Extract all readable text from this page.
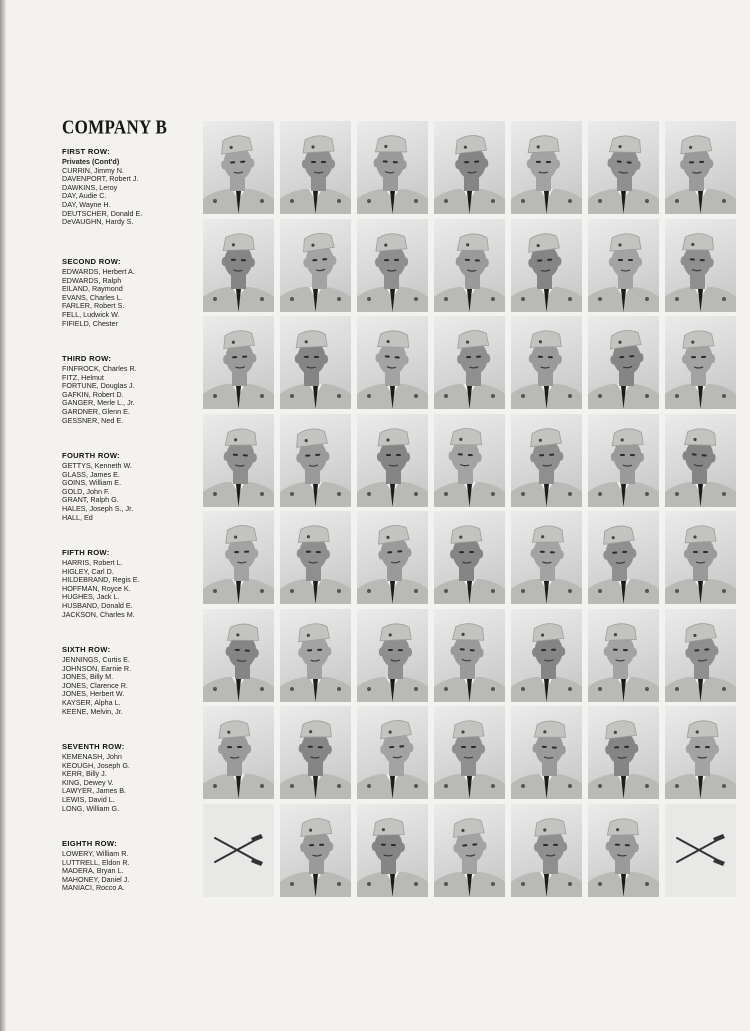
COMPANY B
FIRST ROW:
Privates (Cont'd)
CURRIN, Jimmy N.
DAVENPORT, Robert J.
DAWKINS, Leroy
DAY, Audie C.
DAY, Wayne H.
DEUTSCHER, Donald E.
DeVAUGHN, Hardy S.
SECOND ROW:
EDWARDS, Herbert A.
EDWARDS, Ralph
EILAND, Raymond
EVANS, Charles L.
FARLER, Robert S.
FELL, Ludwick W.
FIFIELD, Chester
THIRD ROW:
FINFROCK, Charles R.
FITZ, Helmut
FORTUNE, Douglas J.
GAFKIN, Robert D.
GANGER, Merle L., Jr.
GARDNER, Glenn E.
GESSNER, Ned E.
FOURTH ROW:
GETTYS, Kenneth W.
GLASS, James E.
GOINS, William E.
GOLD, John F.
GRANT, Ralph G.
HALES, Joseph S., Jr.
HALL, Ed
FIFTH ROW:
HARRIS, Robert L.
HIGLEY, Carl D.
HILDEBRAND, Regis E.
HOFFMAN, Royce K.
HUGHES, Jack L.
HUSBAND, Donald E.
JACKSON, Charles M.
SIXTH ROW:
JENNINGS, Curtis E.
JOHNSON, Earnie R.
JONES, Billy M.
JONES, Clarence R.
JONES, Herbert W.
KAYSER, Alpha L.
KEENE, Melvin, Jr.
SEVENTH ROW:
KEMENASH, John
KEOUGH, Joseph G.
KERR, Billy J.
KING, Dewey V.
LAWYER, James B.
LEWIS, David L.
LONG, William G.
EIGHTH ROW:
LOWERY, William R.
LUTTRELL, Eldon R.
MADERA, Bryan L.
MAHONEY, Daniel J.
MANIACI, Rocco A.
